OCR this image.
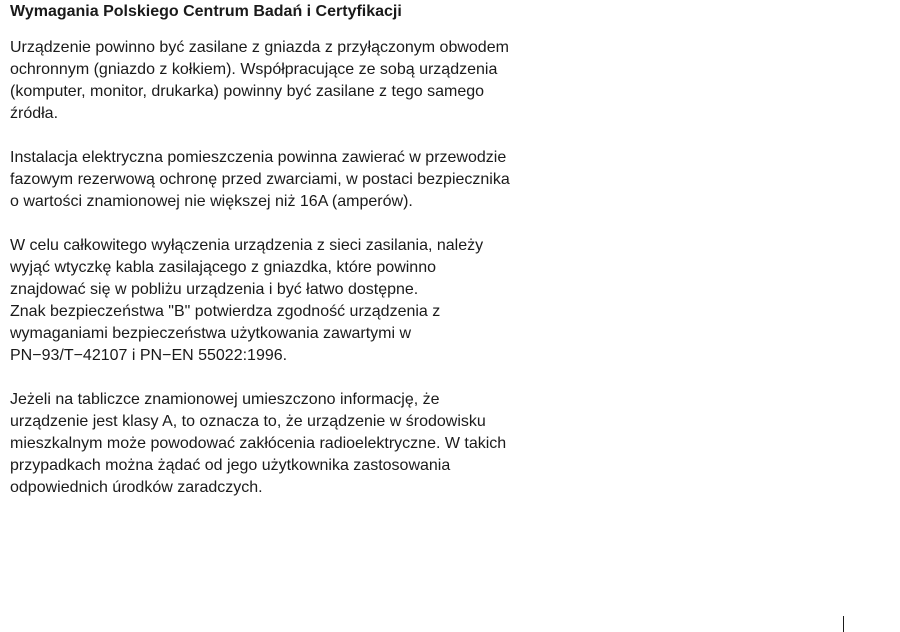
Wymagania Polskiego Centrum Badań i Certyfikacji

Urządzenie powinno być zasilane z gniazda z przyłączonym obwodem
ochronnym (gniazdo z kołkiem). Współpracujące ze sobą urządzenia
(komputer, monitor, drukarka) powinny być zasilane z tego samego
źródła.

Instalacja elektryczna pomieszczenia powinna zawierać w przewodzie
fazowym rezerwową ochronę przed zwarciami, w postaci bezpiecznika
o wartości znamionowej nie większej niż 16A (amperów).

W celu całkowitego wyłączenia urządzenia z sieci zasilania, należy
wyjąć wtyczkę kabla zasilającego z gniazdka, które powinno
znajdować się w pobliżu urządzenia i być łatwo dostępne.
Znak bezpieczeństwa "B" potwierdza zgodność urządzenia z
wymaganiami bezpieczeństwa użytkowania zawartymi w
PN−93/T−42107 i PN−EN 55022:1996.

Jeżeli na tabliczce znamionowej umieszczono informację, że
urządzenie jest klasy A, to oznacza to, że urządzenie w środowisku
mieszkalnym może powodować zakłócenia radioelektryczne. W takich
przypadkach można żądać od jego użytkownika zastosowania
odpowiednich úrodków zaradczych.
